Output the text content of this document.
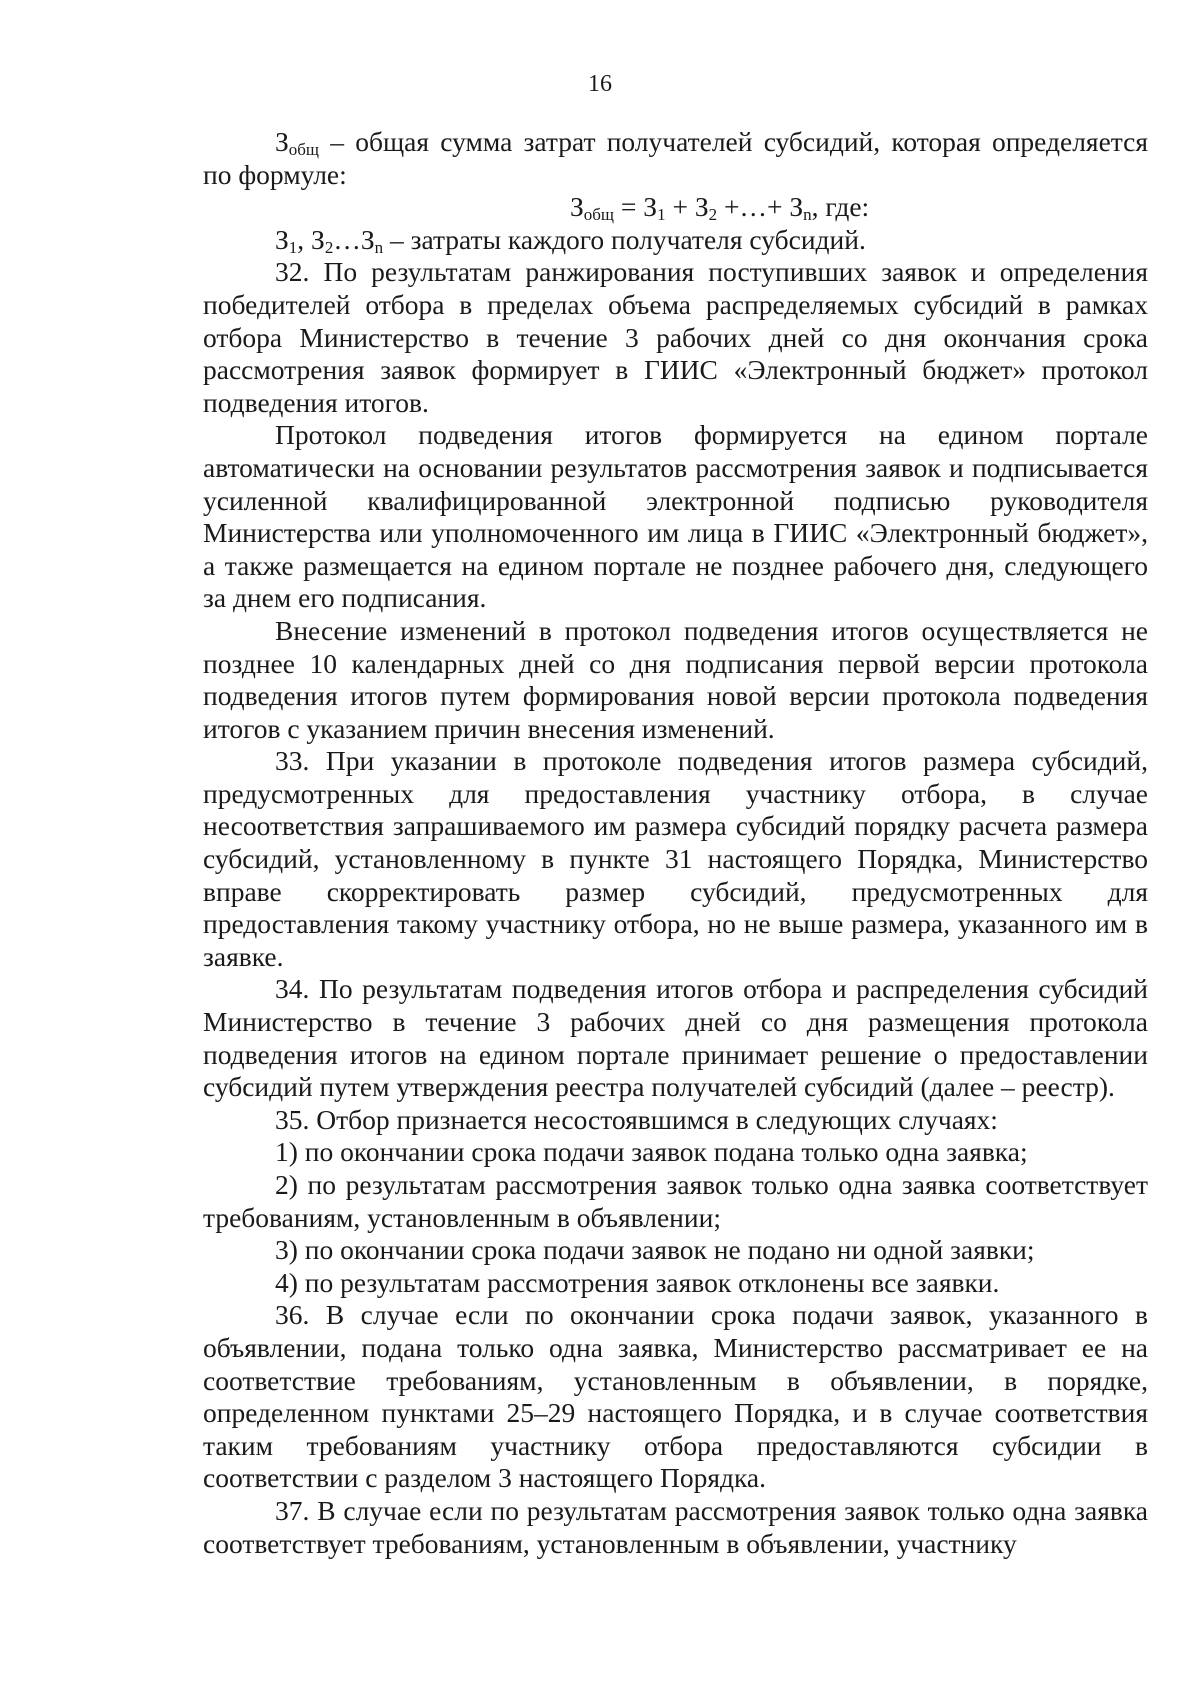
16

$З_{общ}$ – общая сумма затрат получателей субсидий, которая определяется по формуле:

$З_{общ} = З_1 + З_2$ +…+ $З_n$, где:

$З_1$, $З_2\dots З_n$ – затраты каждого получателя субсидий.

32. По результатам ранжирования поступивших заявок и определения победителей отбора в пределах объема распределяемых субсидий в рамках отбора Министерство в течение 3 рабочих дней со дня окончания срока рассмотрения заявок формирует в ГИИС «Электронный бюджет» протокол подведения итогов.

Протокол подведения итогов формируется на едином портале автоматически на основании результатов рассмотрения заявок и подписывается усиленной квалифицированной электронной подписью руководителя Министерства или уполномоченного им лица в ГИИС «Электронный бюджет», а также размещается на едином портале не позднее рабочего дня, следующего за днем его подписания.

Внесение изменений в протокол подведения итогов осуществляется не позднее 10 календарных дней со дня подписания первой версии протокола подведения итогов путем формирования новой версии протокола подведения итогов с указанием причин внесения изменений.

33. При указании в протоколе подведения итогов размера субсидий, предусмотренных для предоставления участнику отбора, в случае несоответствия запрашиваемого им размера субсидий порядку расчета размера субсидий, установленному в пункте 31 настоящего Порядка, Министерство вправе скорректировать размер субсидий, предусмотренных для предоставления такому участнику отбора, но не выше размера, указанного им в заявке.

34. По результатам подведения итогов отбора и распределения субсидий Министерство в течение 3 рабочих дней со дня размещения протокола подведения итогов на едином портале принимает решение о предоставлении субсидий путем утверждения реестра получателей субсидий (далее – реестр).

35. Отбор признается несостоявшимся в следующих случаях:

1) по окончании срока подачи заявок подана только одна заявка;

2) по результатам рассмотрения заявок только одна заявка соответствует требованиям, установленным в объявлении;

3) по окончании срока подачи заявок не подано ни одной заявки;

4) по результатам рассмотрения заявок отклонены все заявки.

36. В случае если по окончании срока подачи заявок, указанного в объявлении, подана только одна заявка, Министерство рассматривает ее на соответствие требованиям, установленным в объявлении, в порядке, определенном пунктами 25–29 настоящего Порядка, и в случае соответствия таким требованиям участнику отбора предоставляются субсидии в соответствии с разделом 3 настоящего Порядка.

37. В случае если по результатам рассмотрения заявок только одна заявка соответствует требованиям, установленным в объявлении, участнику
